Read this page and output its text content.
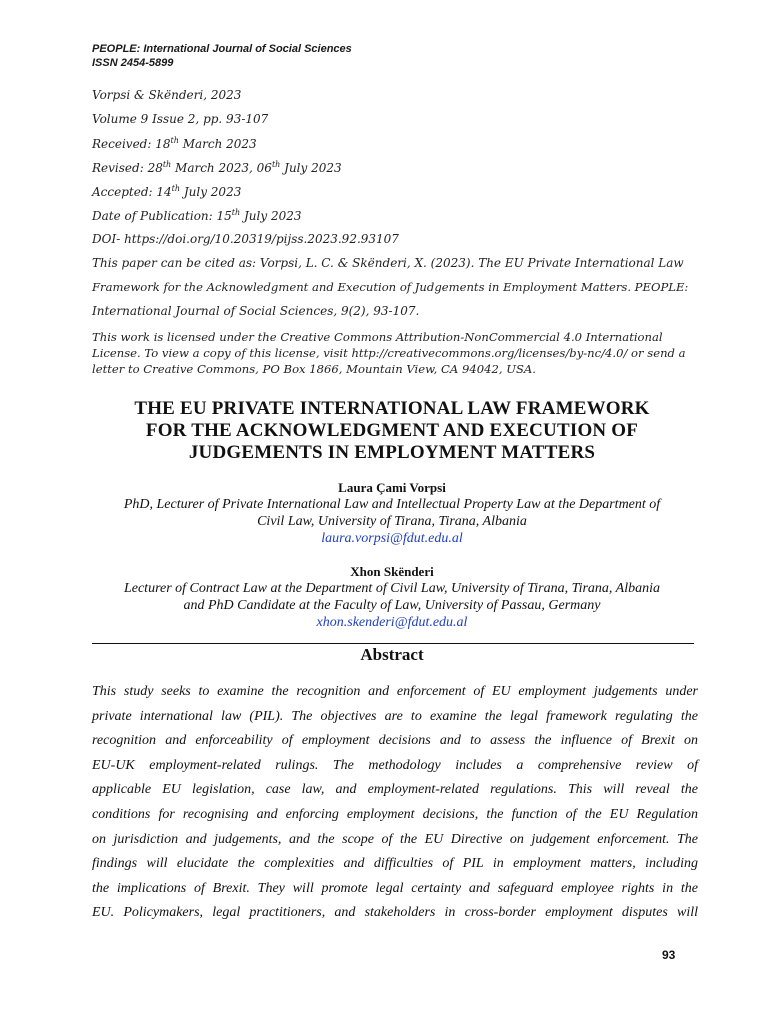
PEOPLE: International Journal of Social Sciences
ISSN 2454-5899
Vorpsi & Skënderi, 2023
Volume 9 Issue 2, pp. 93-107
Received: 18th March 2023
Revised: 28th March 2023, 06th July 2023
Accepted: 14th July 2023
Date of Publication: 15th July 2023
DOI- https://doi.org/10.20319/pijss.2023.92.93107
This paper can be cited as: Vorpsi, L. C. & Skënderi, X. (2023). The EU Private International Law
Framework for the Acknowledgment and Execution of Judgements in Employment Matters. PEOPLE:
International Journal of Social Sciences, 9(2), 93-107.
This work is licensed under the Creative Commons Attribution-NonCommercial 4.0 International
License. To view a copy of this license, visit http://creativecommons.org/licenses/by-nc/4.0/ or send a
letter to Creative Commons, PO Box 1866, Mountain View, CA 94042, USA.
THE EU PRIVATE INTERNATIONAL LAW FRAMEWORK
FOR THE ACKNOWLEDGMENT AND EXECUTION OF
JUDGEMENTS IN EMPLOYMENT MATTERS
Laura Çami Vorpsi
PhD, Lecturer of Private International Law and Intellectual Property Law at the Department of
Civil Law, University of Tirana, Tirana, Albania
laura.vorpsi@fdut.edu.al
Xhon Skënderi
Lecturer of Contract Law at the Department of Civil Law, University of Tirana, Tirana, Albania
and PhD Candidate at the Faculty of Law, University of Passau, Germany
xhon.skenderi@fdut.edu.al
Abstract
This study seeks to examine the recognition and enforcement of EU employment judgements under
private international law (PIL). The objectives are to examine the legal framework regulating the
recognition and enforceability of employment decisions and to assess the influence of Brexit on
EU-UK employment-related rulings. The methodology includes a comprehensive review of
applicable EU legislation, case law, and employment-related regulations. This will reveal the
conditions for recognising and enforcing employment decisions, the function of the EU Regulation
on jurisdiction and judgements, and the scope of the EU Directive on judgement enforcement. The
findings will elucidate the complexities and difficulties of PIL in employment matters, including
the implications of Brexit. They will promote legal certainty and safeguard employee rights in the
EU. Policymakers, legal practitioners, and stakeholders in cross-border employment disputes will
93
